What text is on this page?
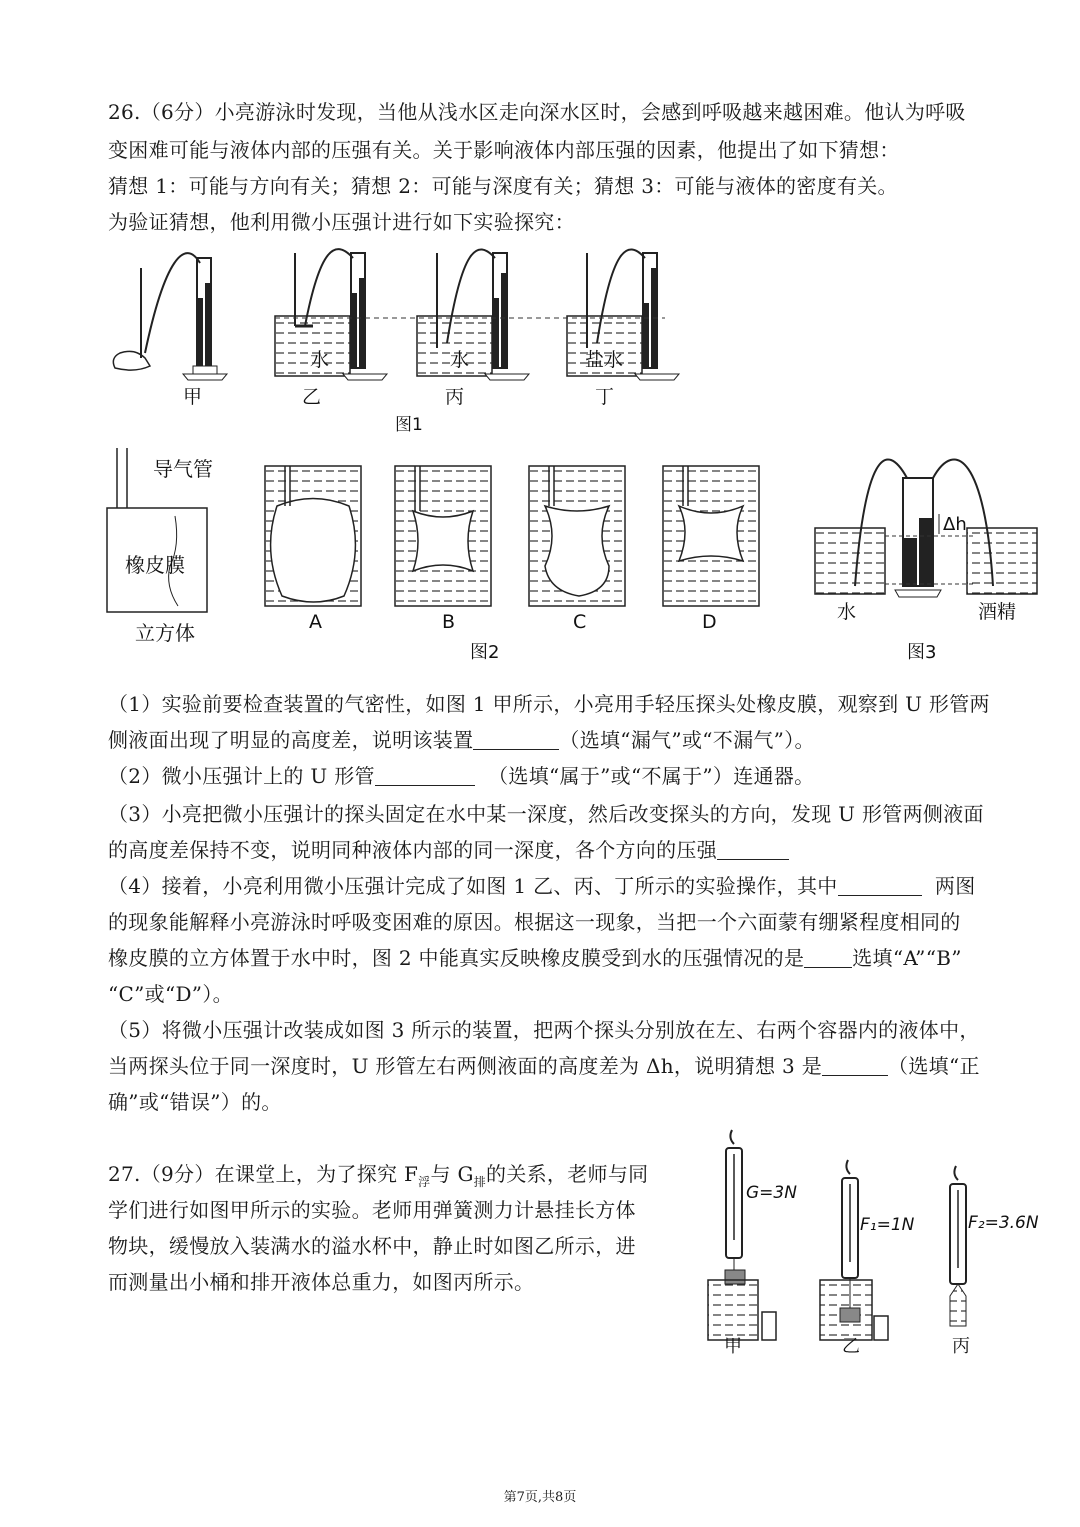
26.（6分）小亮游泳时发现，当他从浅水区走向深水区时，会感到呼吸越来越困难。他认为呼吸
变困难可能与液体内部的压强有关。关于影响液体内部压强的因素，他提出了如下猜想：
猜想 1：可能与方向有关；猜想 2：可能与深度有关；猜想 3：可能与液体的密度有关。
为验证猜想，他利用微小压强计进行如下实验探究：
水	水	盐水
甲	乙	丙	丁
图1
导气管
橡皮膜
立方体	A	B	C	D
图2
Δh
水	酒精
图3
（1）实验前要检查装置的气密性，如图 1 甲所示，小亮用手轻压探头处橡皮膜，观察到 U 形管两
侧液面出现了明显的高度差，说明该装置	（选填“漏气”或“不漏气”）。
（2）微小压强计上的 U 形管	（选填“属于”或“不属于”）连通器。
（3）小亮把微小压强计的探头固定在水中某一深度，然后改变探头的方向，发现 U 形管两侧液面
的高度差保持不变，说明同种液体内部的同一深度，各个方向的压强
（4）接着，小亮利用微小压强计完成了如图 1 乙、丙、丁所示的实验操作，其中	两图
的现象能解释小亮游泳时呼吸变困难的原因。根据这一现象，当把一个六面蒙有绷紧程度相同的
橡皮膜的立方体置于水中时，图 2 中能真实反映橡皮膜受到水的压强情况的是 选填“A”“B”
“C”或“D”）。
（5）将微小压强计改装成如图 3 所示的装置，把两个探头分别放在左、右两个容器内的液体中，
当两探头位于同一深度时，U 形管左右两侧液面的高度差为 Δh，说明猜想 3 是	（选填“正
确”或“错误”）的。
27.（9分）在课堂上，为了探究 $F_浮$与 $G_排$的关系，老师与同
学们进行如图甲所示的实验。老师用弹簧测力计悬挂长方体
物块，缓慢放入装满水的溢水杯中，静止时如图乙所示，进
而测量出小桶和排开液体总重力，如图丙所示。
G=3N
F₁=1N	F₂=3.6N
甲	乙	丙
第7页,共8页
